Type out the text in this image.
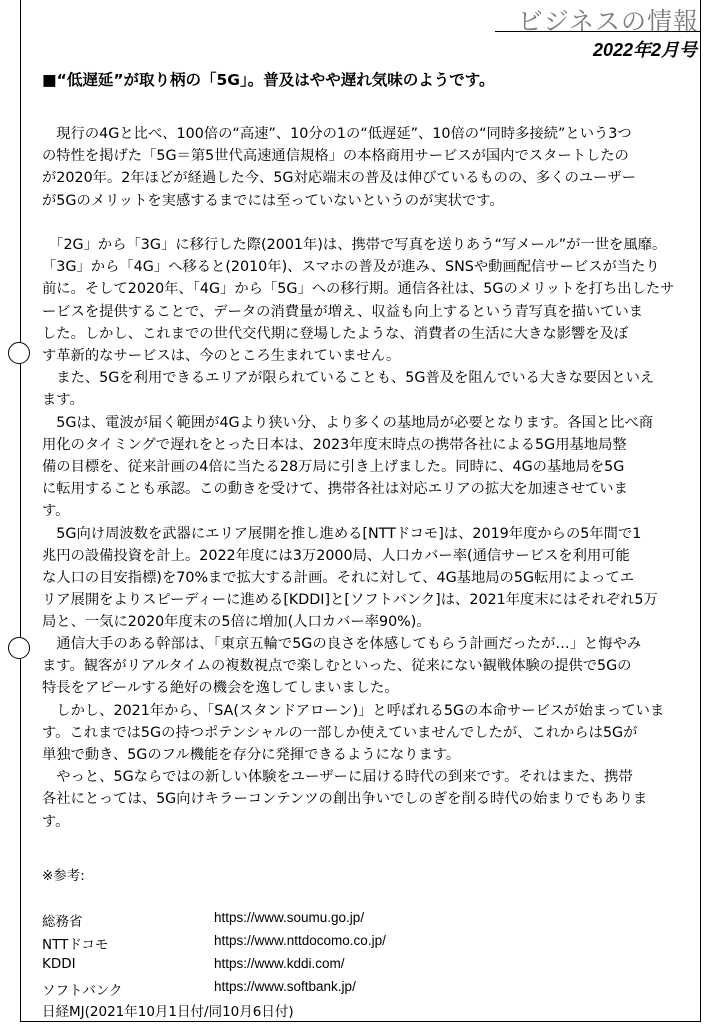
ビジネスの情報
2022年2月号
■“低遅延”が取り柄の「5G」。普及はやや遅れ気味のようです。
　現行の4Gと比べ、100倍の“高速”、10分の1の“低遅延”、10倍の“同時多接続”という3つ
の特性を掲げた「5G＝第5世代高速通信規格」の本格商用サービスが国内でスタートしたの
が2020年。2年ほどが経過した今、5G対応端末の普及は伸びているものの、多くのユーザー
が5Gのメリットを実感するまでには至っていないというのが実状です。
　「2G」から「3G」に移行した際(2001年)は、携帯で写真を送りあう“写メール”が一世を風靡。
「3G」から「4G」へ移ると(2010年)、スマホの普及が進み、SNSや動画配信サービスが当たり
前に。そして2020年、「4G」から「5G」への移行期。通信各社は、5Gのメリットを打ち出したサ
ービスを提供することで、データの消費量が増え、収益も向上するという青写真を描いていま
した。しかし、これまでの世代交代期に登場したような、消費者の生活に大きな影響を及ぼ
す革新的なサービスは、今のところ生まれていません。
　また、5Gを利用できるエリアが限られていることも、5G普及を阻んでいる大きな要因といえ
ます。
　5Gは、電波が届く範囲が4Gより狭い分、より多くの基地局が必要となります。各国と比べ商
用化のタイミングで遅れをとった日本は、2023年度末時点の携帯各社による5G用基地局整
備の目標を、従来計画の4倍に当たる28万局に引き上げました。同時に、4Gの基地局を5G
に転用することも承認。この動きを受けて、携帯各社は対応エリアの拡大を加速させていま
す。
　5G向け周波数を武器にエリア展開を推し進める[NTTドコモ]は、2019年度からの5年間で1
兆円の設備投資を計上。2022年度には3万2000局、人口カバー率(通信サービスを利用可能
な人口の目安指標)を70%まで拡大する計画。それに対して、4G基地局の5G転用によってエ
リア展開をよりスピーディーに進める[KDDI]と[ソフトバンク]は、2021年度末にはそれぞれ5万
局と、一気に2020年度末の5倍に増加(人口カバー率90%)。
　通信大手のある幹部は、「東京五輪で5Gの良さを体感してもらう計画だったが…」と悔やみ
ます。観客がリアルタイムの複数視点で楽しむといった、従来にない観戦体験の提供で5Gの
特長をアピールする絶好の機会を逸してしまいました。
　しかし、2021年から、「SA(スタンドアローン)」と呼ばれる5Gの本命サービスが始まっていま
す。これまでは5Gの持つポテンシャルの一部しか使えていませんでしたが、これからは5Gが
単独で動き、5Gのフル機能を存分に発揮できるようになります。
　やっと、5Gならではの新しい体験をユーザーに届ける時代の到来です。それはまた、携帯
各社にとっては、5G向けキラーコンテンツの創出争いでしのぎを削る時代の始まりでもありま
す。
※参考:
総務省	https://www.soumu.go.jp/
NTTドコモ	https://www.nttdocomo.co.jp/
KDDI	https://www.kddi.com/
ソフトバンク	https://www.softbank.jp/
日経MJ(2021年10月1日付/同10月6日付)
